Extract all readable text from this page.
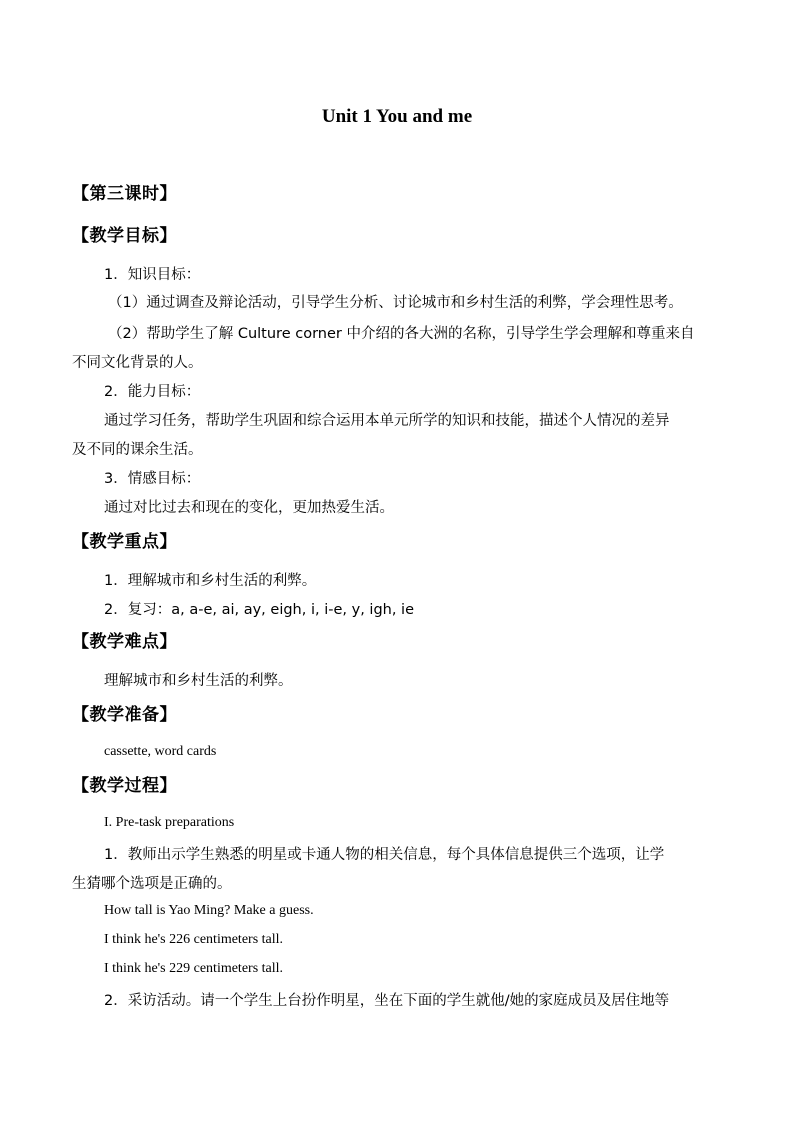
Unit 1 You and me
【第三课时】
【教学目标】
1．知识目标：
（1）通过调查及辩论活动，引导学生分析、讨论城市和乡村生活的利弊，学会理性思考。
（2）帮助学生了解 Culture corner 中介绍的各大洲的名称，引导学生学会理解和尊重来自
不同文化背景的人。
2．能力目标：
通过学习任务，帮助学生巩固和综合运用本单元所学的知识和技能，描述个人情况的差异
及不同的课余生活。
3．情感目标：
通过对比过去和现在的变化，更加热爱生活。
【教学重点】
1．理解城市和乡村生活的利弊。
2．复习：a, a-e, ai, ay, eigh, i, i-e, y, igh, ie
【教学难点】
理解城市和乡村生活的利弊。
【教学准备】
cassette, word cards
【教学过程】
I. Pre-task preparations
1．教师出示学生熟悉的明星或卡通人物的相关信息，每个具体信息提供三个选项，让学
生猜哪个选项是正确的。
How tall is Yao Ming? Make a guess.
I think he's 226 centimeters tall.
I think he's 229 centimeters tall.
2．采访活动。请一个学生上台扮作明星，坐在下面的学生就他/她的家庭成员及居住地等
